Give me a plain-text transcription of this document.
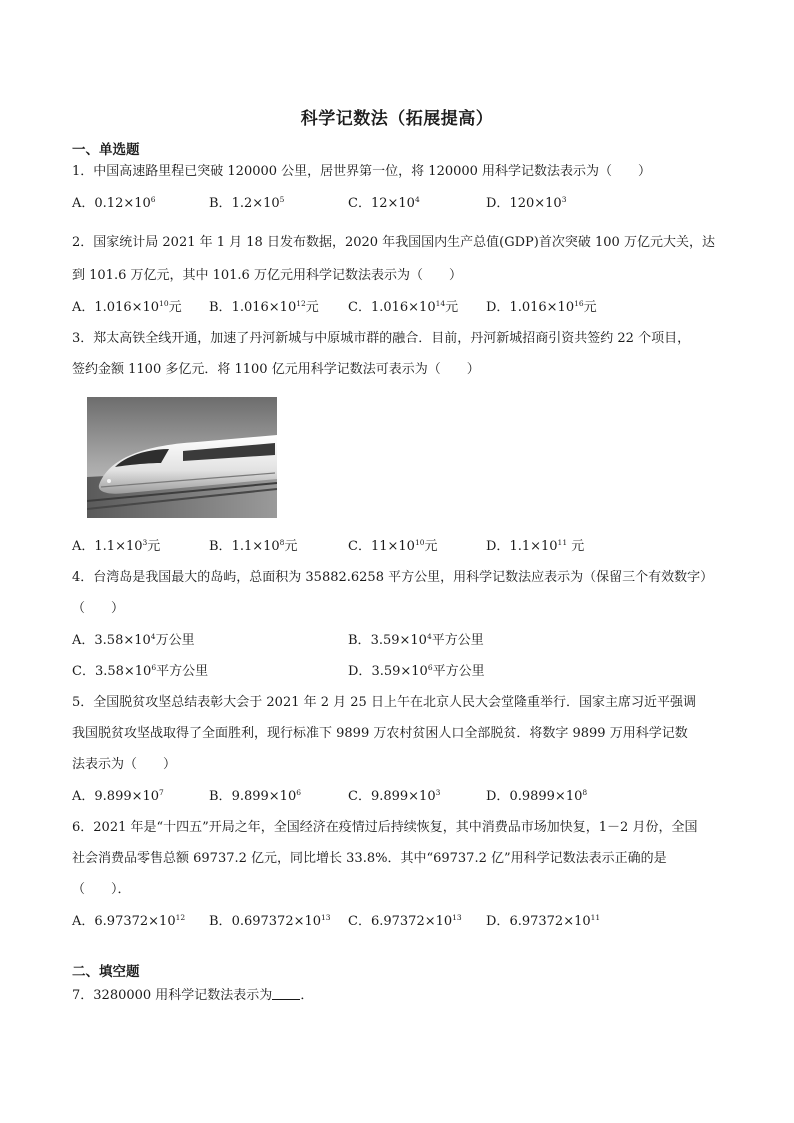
科学记数法（拓展提高）
一、单选题
1．中国高速路里程已突破 120000 公里，居世界第一位，将 120000 用科学记数法表示为（　　）
A．$0.12\times 10^6$	B．$1.2\times 10^5$	C．$12\times 10^4$	D．$120\times 10^3$
2．国家统计局 2021 年 1 月 18 日发布数据，2020 年我国国内生产总值(GDP)首次突破 100 万亿元大关，达
到 101.6 万亿元，其中 101.6 万亿元用科学记数法表示为（　　）
A．$1.016\times 10^{10}$元 B．$1.016\times 10^{12}$元 C．$1.016\times 10^{14}$元 D．$1.016\times 10^{16}$元
3．郑太高铁全线开通，加速了丹河新城与中原城市群的融合．目前，丹河新城招商引资共签约 22 个项目，
签约金额 1100 多亿元．将 1100 亿元用科学记数法可表示为（　　）
A．$1.1\times 10^3$元	B．$1.1\times 10^8$元	C．$11\times 10^{10}$元	D．$1.1\times 10^{11}$ 元
4．台湾岛是我国最大的岛屿，总面积为 35882.6258 平方公里，用科学记数法应表示为（保留三个有效数字）
（　　）
A．$3.58\times 10^4$万公里	B．$3.59\times 10^4$平方公里
C．$3.58\times 10^6$平方公里	D．$3.59\times 10^6$平方公里
5．全国脱贫攻坚总结表彰大会于 2021 年 2 月 25 日上午在北京人民大会堂隆重举行．国家主席习近平强调
我国脱贫攻坚战取得了全面胜利，现行标准下 9899 万农村贫困人口全部脱贫．将数字 9899 万用科学记数
法表示为（　　）
A．$9.899\times 10^7$	B．$9.899\times 10^6$	C．$9.899\times 10^3$	D．$0.9899\times 10^8$
6．2021 年是“十四五”开局之年，全国经济在疫情过后持续恢复，其中消费品市场加快复，1－2 月份，全国
社会消费品零售总额 69737.2 亿元，同比增长 33.8%．其中“69737.2 亿”用科学记数法表示正确的是
（　　）．
A．$6.97372\times 10^{12}$ B．$0.697372\times 10^{13}$ C．$6.97372\times 10^{13}$ D．$6.97372\times 10^{11}$
二、填空题
7．3280000 用科学记数法表示为 ．
